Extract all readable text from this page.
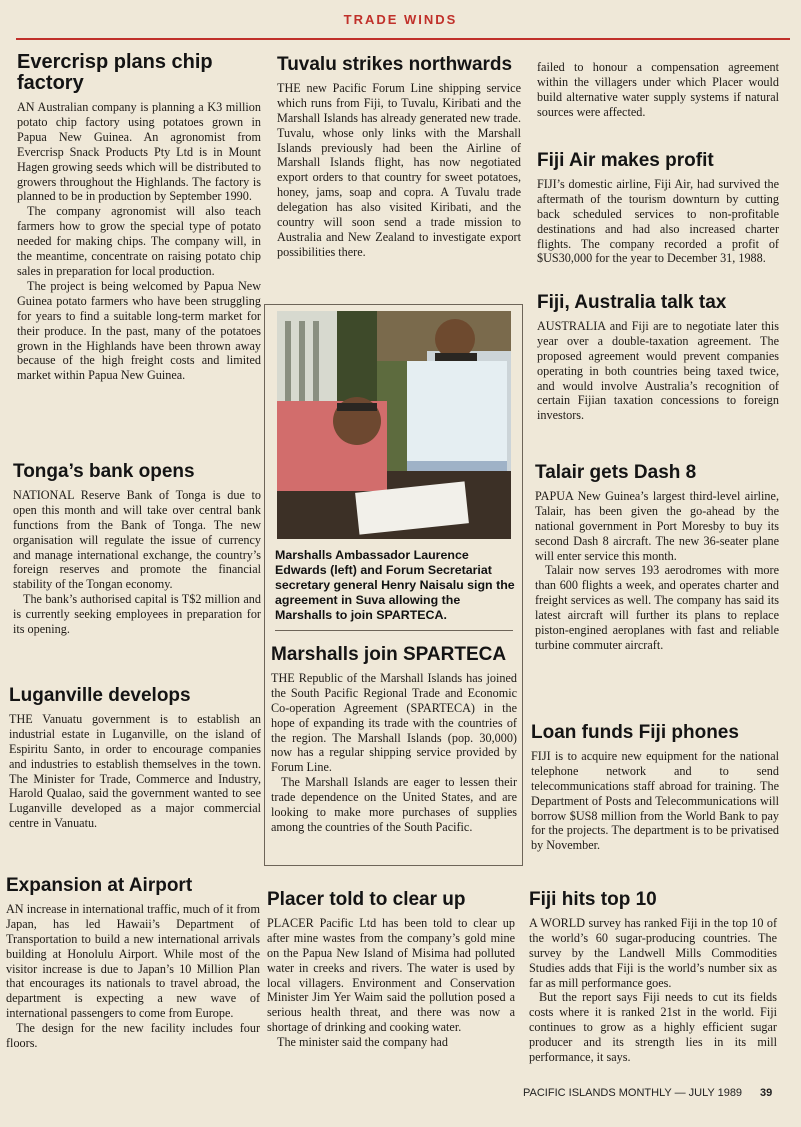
TRADE WINDS
Evercrisp plans chip factory

AN Australian company is planning a K3 million potato chip factory using potatoes grown in Papua New Guinea. An agronomist from Evercrisp Snack Products Pty Ltd is in Mount Hagen growing seeds which will be distributed to growers throughout the Highlands. The factory is planned to be in production by September 1990.

The company agronomist will also teach farmers how to grow the special type of potato needed for making chips. The company will, in the meantime, concentrate on raising potato chip sales in preparation for local production.

The project is being welcomed by Papua New Guinea potato farmers who have been struggling for years to find a suitable long-term market for their produce. In the past, many of the potatoes grown in the Highlands have been thrown away because of the high freight costs and limited market within Papua New Guinea.

Tonga’s bank opens

NATIONAL Reserve Bank of Tonga is due to open this month and will take over central bank functions from the Bank of Tonga. The new organisation will regulate the issue of currency and manage international exchange, the country’s foreign reserves and promote the financial stability of the Tongan economy.

The bank’s authorised capital is T$2 million and is currently seeking employees in preparation for its opening.

Luganville develops

THE Vanuatu government is to establish an industrial estate in Luganville, on the island of Espiritu Santo, in order to encourage companies and industries to establish themselves in the town. The Minister for Trade, Commerce and Industry, Harold Qualao, said the government wanted to see Luganville developed as a major commercial centre in Vanuatu.

Expansion at Airport

AN increase in international traffic, much of it from Japan, has led Hawaii’s Department of Transportation to build a new international arrivals building at Honolulu Airport. While most of the visitor increase is due to Japan’s 10 Million Plan that encourages its nationals to travel abroad, the department is expecting a new wave of international passengers to come from Europe.

The design for the new facility includes four floors.

Tuvalu strikes northwards

THE new Pacific Forum Line shipping service which runs from Fiji, to Tuvalu, Kiribati and the Marshall Islands has already generated new trade. Tuvalu, whose only links with the Marshall Islands previously had been the Airline of Marshall Islands flight, has now negotiated export orders to that country for sweet potatoes, honey, jams, soap and copra. A Tuvalu trade delegation has also visited Kiribati, and the country will soon send a trade mission to Australia and New Zealand to investigate export possibilities there.

Marshalls Ambassador Laurence Edwards (left) and Forum Secretariat secretary general Henry Naisalu sign the agreement in Suva allowing the Marshalls to join SPARTECA.
Marshalls join SPARTECA

THE Republic of the Marshall Islands has joined the South Pacific Regional Trade and Economic Co-operation Agreement (SPARTECA) in the hope of expanding its trade with the countries of the region. The Marshall Islands (pop. 30,000) now has a regular shipping service provided by Forum Line.

The Marshall Islands are eager to lessen their trade dependence on the United States, and are looking to make more purchases of supplies among the countries of the South Pacific.

Placer told to clear up

PLACER Pacific Ltd has been told to clear up after mine wastes from the company’s gold mine on the Papua New Island of Misima had polluted water in creeks and rivers. The water is used by local villagers. Environment and Conservation Minister Jim Yer Waim said the pollution posed a serious health threat, and there was now a shortage of drinking and cooking water.

The minister said the company had

failed to honour a compensation agreement within the villagers under which Placer would build alternative water supply systems if natural sources were affected.

Fiji Air makes profit

FIJI’s domestic airline, Fiji Air, had survived the aftermath of the tourism downturn by cutting back scheduled services to non-profitable destinations and had also increased charter flights. The company recorded a profit of $US30,000 for the year to December 31, 1988.

Fiji, Australia talk tax

AUSTRALIA and Fiji are to negotiate later this year over a double-taxation agreement. The proposed agreement would prevent companies operating in both countries being taxed twice, and would involve Australia’s recognition of certain Fijian taxation concessions to foreign investors.

Talair gets Dash 8

PAPUA New Guinea’s largest third-level airline, Talair, has been given the go-ahead by the national government in Port Moresby to buy its second Dash 8 aircraft. The new 36-seater plane will enter service this month.

Talair now serves 193 aerodromes with more than 600 flights a week, and operates charter and freight services as well. The company has said its latest aircraft will further its plans to replace piston-engined aeroplanes with fast and reliable turbine commuter aircraft.

Loan funds Fiji phones

FIJI is to acquire new equipment for the national telephone network and to send telecommunications staff abroad for training. The Department of Posts and Telecommunications will borrow $US8 million from the World Bank to pay for the projects. The department is to be privatised by November.

Fiji hits top 10

A WORLD survey has ranked Fiji in the top 10 of the world’s 60 sugar-producing countries. The survey by the Landwell Mills Commodities Studies adds that Fiji is the world’s number six as far as mill performance goes.

But the report says Fiji needs to cut its fields costs where it is ranked 21st in the world. Fiji continues to grow as a highly efficient sugar producer and its strength lies in its mill performance, it says.

PACIFIC ISLANDS MONTHLY — JULY 1989 39
